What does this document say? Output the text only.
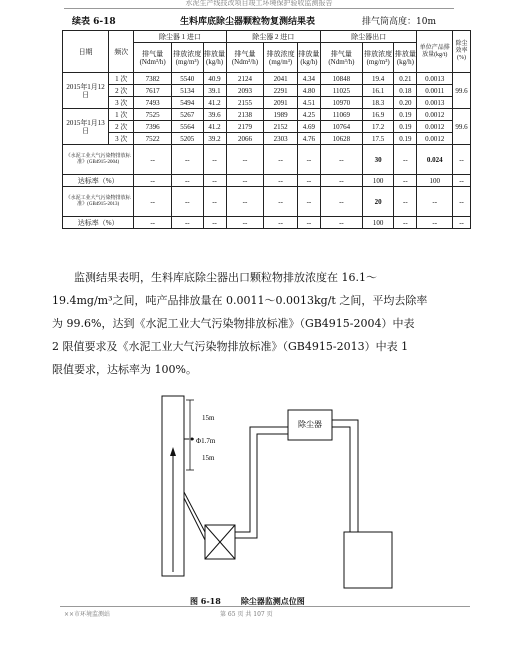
水泥生产线技改项目竣工环境保护验收监测报告
续表 6-18	生料库底除尘器颗粒物复测结果表	排气筒高度：10m
日期	频次	除尘器 1 进口			除尘器 2 进口			除尘器出口			单位产品排放量(kg/t)	除尘效率(%)
		排气量 (Ndm³/h)	排放浓度 (mg/m³)	排放量 (kg/h)	排气量 (Ndm³/h)	排放浓度 (mg/m³)	排放量 (kg/h)	排气量 (Ndm³/h)	排放浓度 (mg/m³)	排放量 (kg/h)		
2015年1月12日	1 次	7382	5540	40.9	2124	2041	4.34	10848	19.4	0.21	0.0013	99.6
	2 次	7617	5134	39.1	2093	2291	4.80	11025	16.1	0.18	0.0011	
	3 次	7493	5494	41.2	2155	2091	4.51	10970	18.3	0.20	0.0013	
2015年1月13日	1 次	7525	5267	39.6	2138	1989	4.25	11069	16.9	0.19	0.0012	99.6
	2 次	7396	5564	41.2	2179	2152	4.69	10764	17.2	0.19	0.0012	
	3 次	7522	5205	39.2	2066	2303	4.76	10628	17.5	0.19	0.0012	
《水泥工业大气污染物排放标准》(GB4915-2004)		--	--	--	--	--	--	--	30	--	0.024	--
达标率（%）		--	--	--	--	--	--	--	100	--	100	--
《水泥工业大气污染物排放标准》(GB4915-2013)		--	--	--	--	--	--	--	20	--	--	--
达标率（%）		--	--	--	--	--	--	--	100	--	--	--
监测结果表明，生料库底除尘器出口颗粒物排放浓度在 16.1～
19.4mg/m³之间，吨产品排放量在 0.0011～0.0013kg/t 之间，平均去除率
为 99.6%，达到《水泥工业大气污染物排放标准》（GB4915-2004）中表
2 限值要求及《水泥工业大气污染物排放标准》（GB4915-2013）中表 1
限值要求，达标率为 100%。
15m
Φ1.7m
15m
除尘器
图 6-18	除尘器监测点位图
××市环境监测站	第 65 页 共 107 页
